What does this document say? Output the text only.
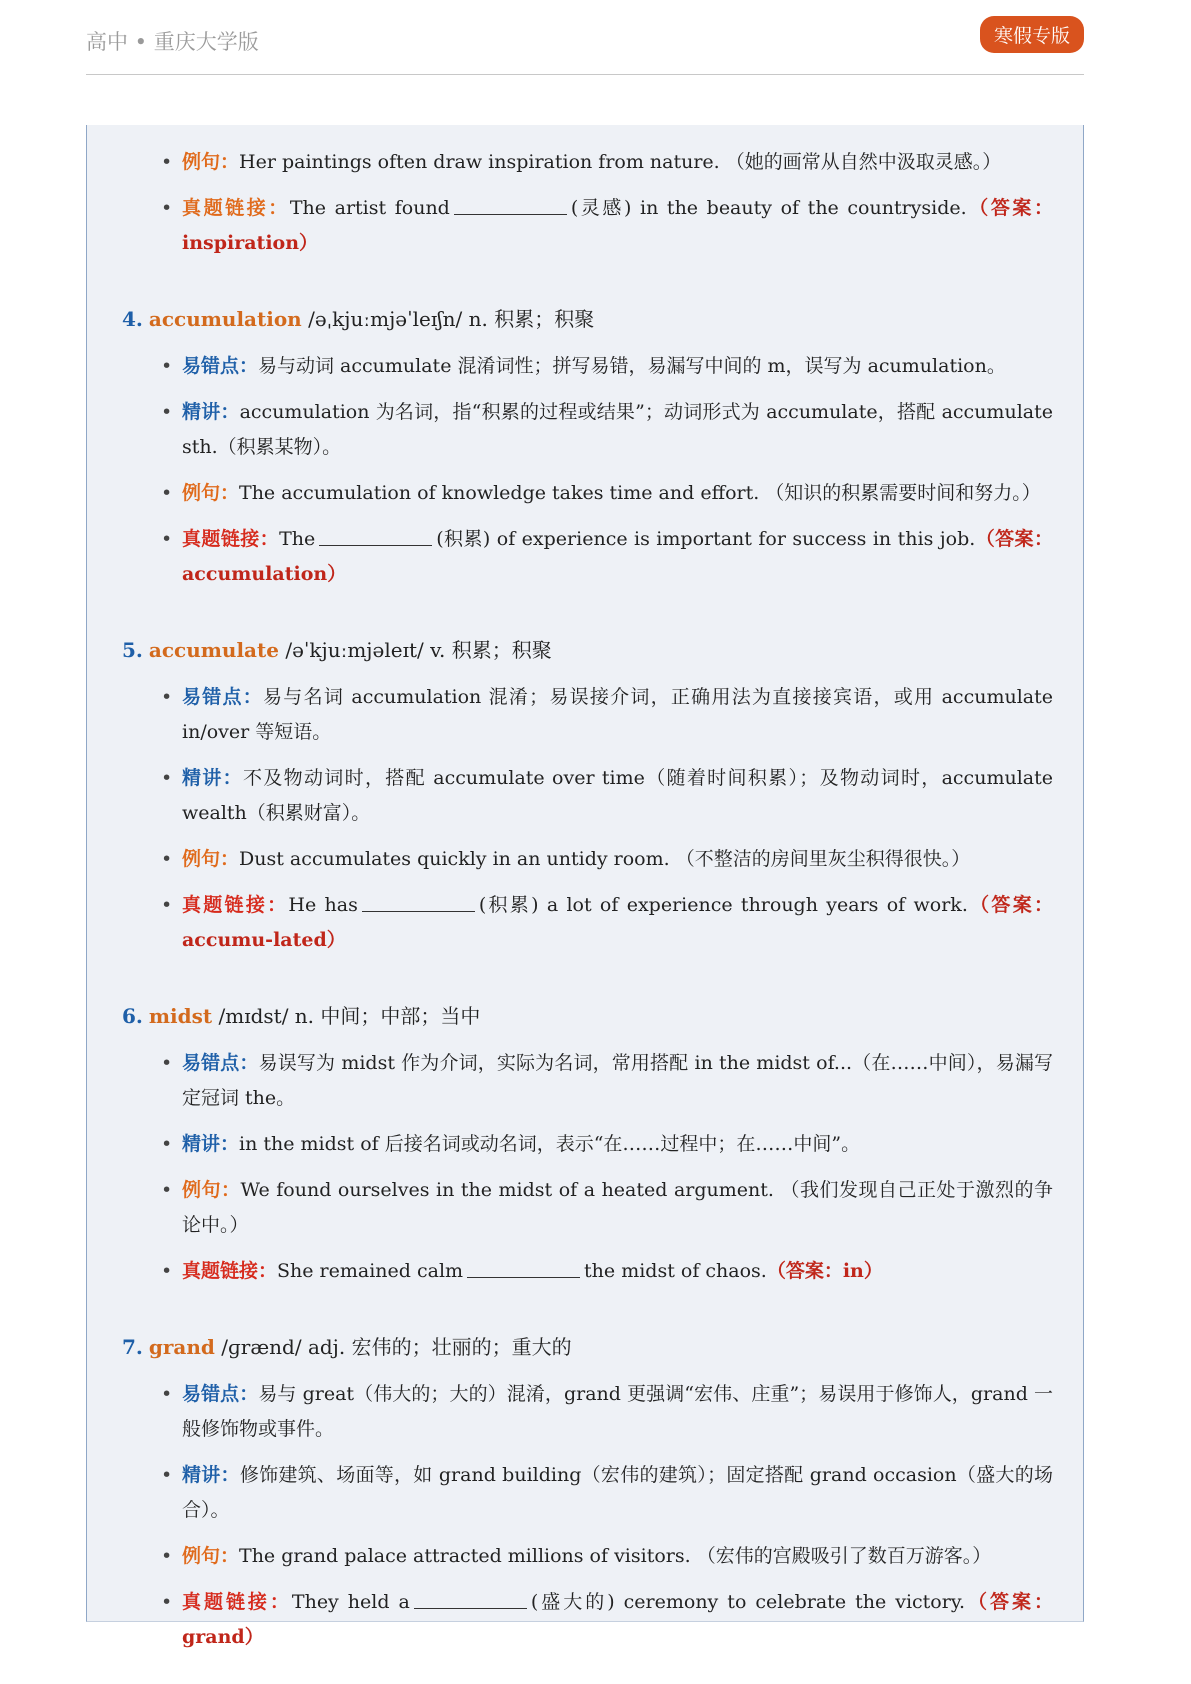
高中 • 重庆大学版	寒假专版
• 例句：Her paintings often draw inspiration from nature. （她的画常从自然中汲取灵感。）
• 真题链接：The artist found	(灵感) in the beauty of the countryside.（答案：inspiration）
4. accumulation /əˌkjuːmjəˈleɪʃn/ n. 积累；积聚
• 易错点：易与动词 accumulate 混淆词性；拼写易错，易漏写中间的 m，误写为 acumulation。
• 精讲：accumulation 为名词，指“积累的过程或结果”；动词形式为 accumulate，搭配 accumulate sth.（积累某物）。
• 例句：The accumulation of knowledge takes time and effort. （知识的积累需要时间和努力。）
• 真题链接：The	(积累) of experience is important for success in this job.（答案：accumulation）
5. accumulate /əˈkjuːmjəleɪt/ v. 积累；积聚
• 易错点：易与名词 accumulation 混淆；易误接介词，正确用法为直接接宾语，或用 accumulate in/over 等短语。
• 精讲：不及物动词时，搭配 accumulate over time（随着时间积累）；及物动词时，accumulate wealth（积累财富）。
• 例句：Dust accumulates quickly in an untidy room. （不整洁的房间里灰尘积得很快。）
• 真题链接：He has	(积累) a lot of experience through years of work.（答案：accumu-lated）
6. midst /mɪdst/ n. 中间；中部；当中
• 易错点：易误写为 midst 作为介词，实际为名词，常用搭配 in the midst of...（在……中间），易漏写定冠词 the。
• 精讲：in the midst of 后接名词或动名词，表示“在……过程中；在……中间”。
• 例句：We found ourselves in the midst of a heated argument. （我们发现自己正处于激烈的争论中。）
• 真题链接：She remained calm	the midst of chaos.（答案：in）
7. grand /ɡrænd/ adj. 宏伟的；壮丽的；重大的
• 易错点：易与 great（伟大的；大的）混淆，grand 更强调“宏伟、庄重”；易误用于修饰人，grand 一般修饰物或事件。
• 精讲：修饰建筑、场面等，如 grand building（宏伟的建筑）；固定搭配 grand occasion（盛大的场合）。
• 例句：The grand palace attracted millions of visitors. （宏伟的宫殿吸引了数百万游客。）
• 真题链接：They held a	(盛大的) ceremony to celebrate the victory.（答案：grand）
